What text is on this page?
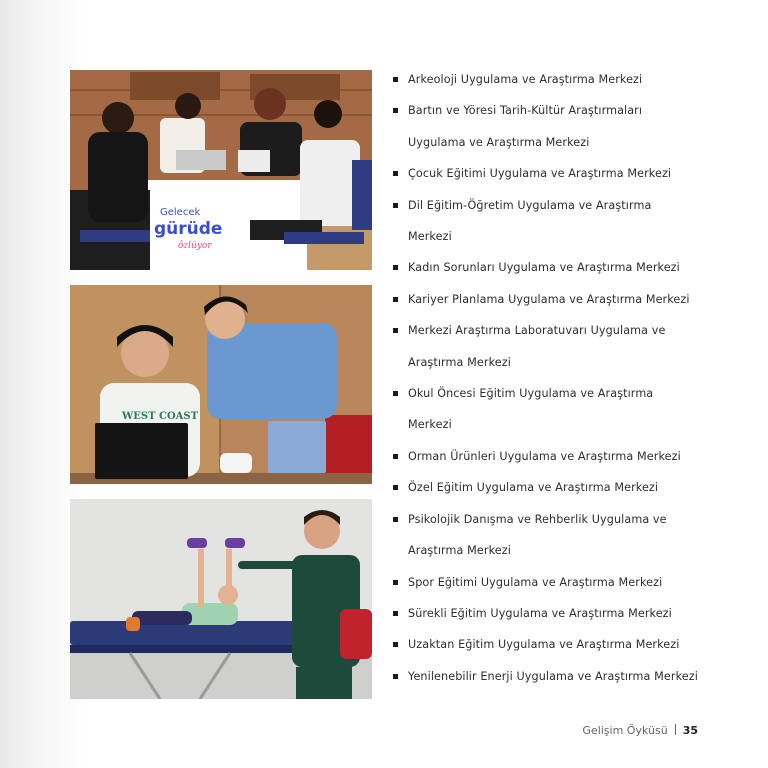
Gelecek
gürüde
ôzlüyor
WEST COAST
Arkeoloji Uygulama ve Araştırma Merkezi
Bartın ve Yöresi Tarih-Kültür Araştırmaları
Uygulama ve Araştırma Merkezi
Çocuk Eğitimi Uygulama ve Araştırma Merkezi
Dil Eğitim-Öğretim Uygulama ve Araştırma
Merkezi
Kadın Sorunları Uygulama ve Araştırma Merkezi
Kariyer Planlama Uygulama ve Araştırma Merkezi
Merkezi Araştırma Laboratuvarı Uygulama ve
Araştırma Merkezi
Okul Öncesi Eğitim Uygulama ve Araştırma
Merkezi
Orman Ürünleri Uygulama ve Araştırma Merkezi
Özel Eğitim Uygulama ve Araştırma Merkezi
Psikolojik Danışma ve Rehberlik Uygulama ve
Araştırma Merkezi
Spor Eğitimi Uygulama ve Araştırma Merkezi
Sürekli Eğitim Uygulama ve Araştırma Merkezi
Uzaktan Eğitim Uygulama ve Araştırma Merkezi
Yenilenebilir Enerji Uygulama ve Araştırma Merkezi
Gelişim Öyküsü 35
